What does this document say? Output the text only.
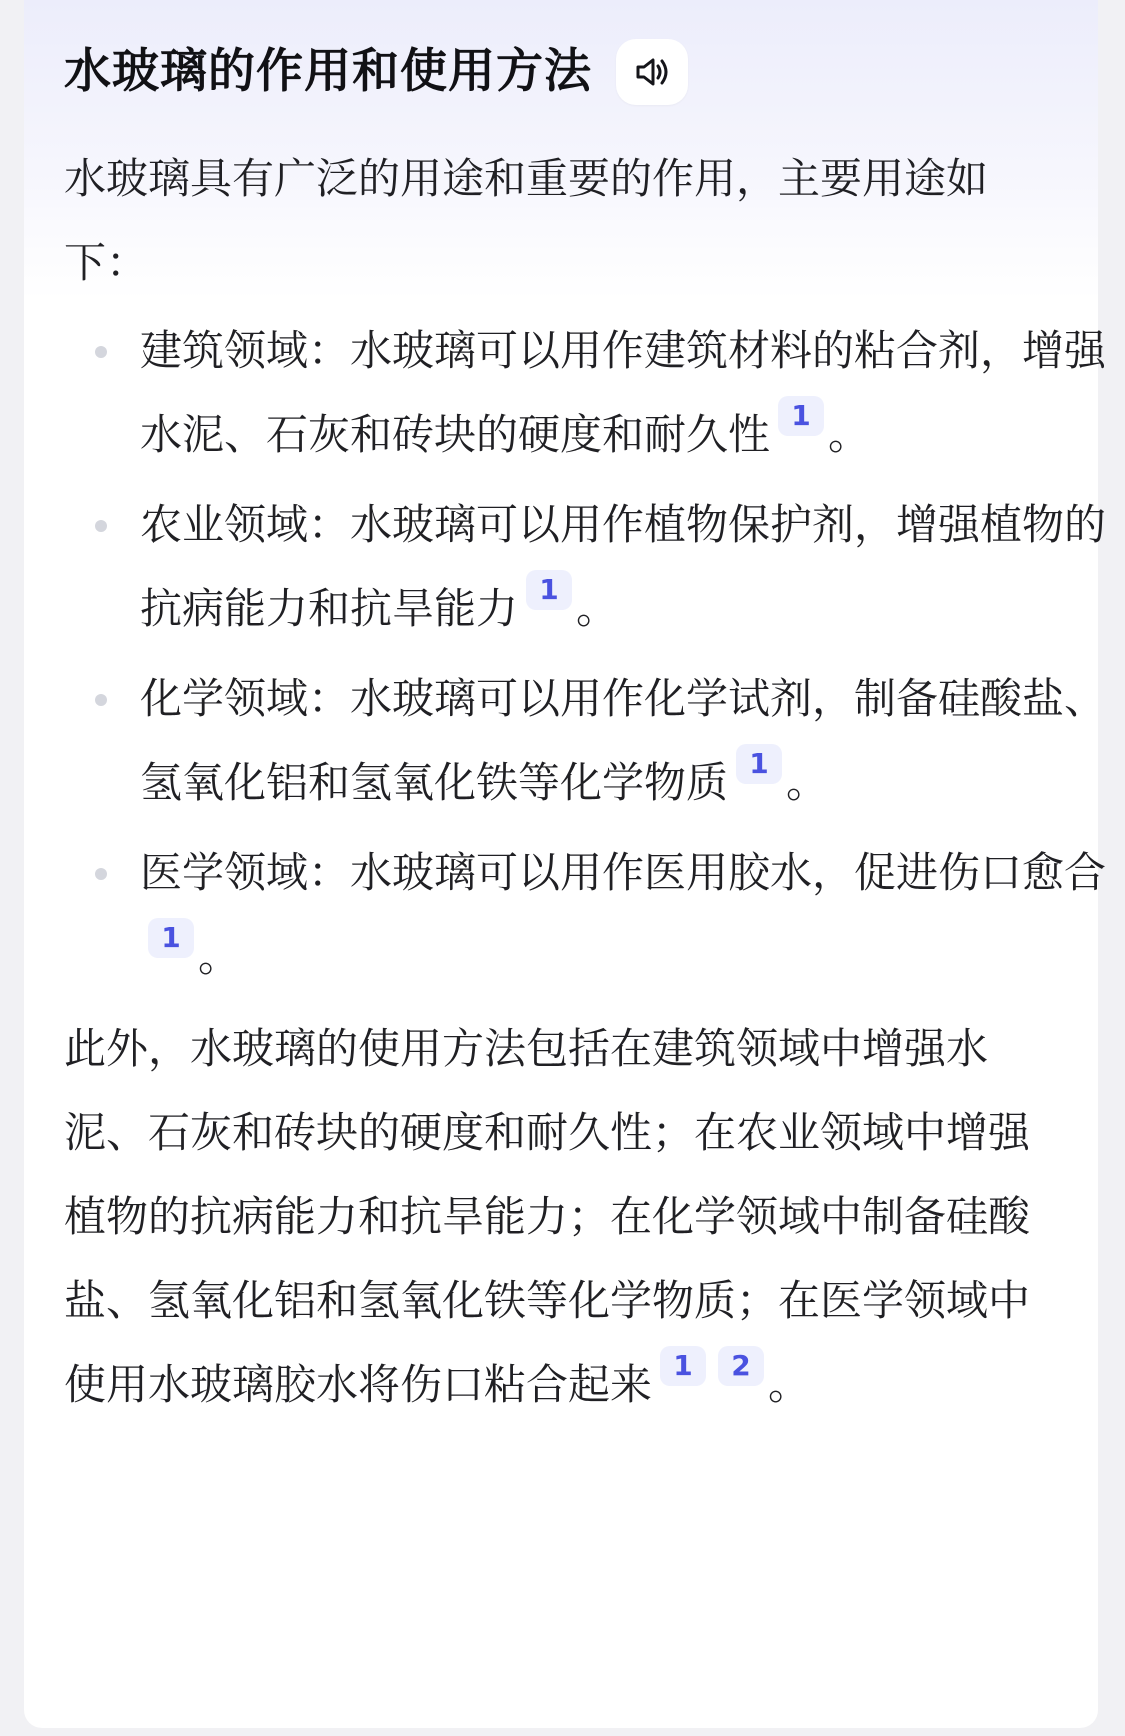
水玻璃的作用和使用方法

水玻璃具有广泛的用途和重要的作用，主要用途如下：

建筑领域：水玻璃可以用作建筑材料的粘合剂，增强水泥、石灰和砖块的硬度和耐久性 1 。
农业领域：水玻璃可以用作植物保护剂，增强植物的抗病能力和抗旱能力 1 。
化学领域：水玻璃可以用作化学试剂，制备硅酸盐、氢氧化铝和氢氧化铁等化学物质 1 。
医学领域：水玻璃可以用作医用胶水，促进伤口愈合1 。

此外，水玻璃的使用方法包括在建筑领域中增强水泥、石灰和砖块的硬度和耐久性；在农业领域中增强植物的抗病能力和抗旱能力；在化学领域中制备硅酸盐、氢氧化铝和氢氧化铁等化学物质；在医学领域中使用水玻璃胶水将伤口粘合起来 1 2 。
